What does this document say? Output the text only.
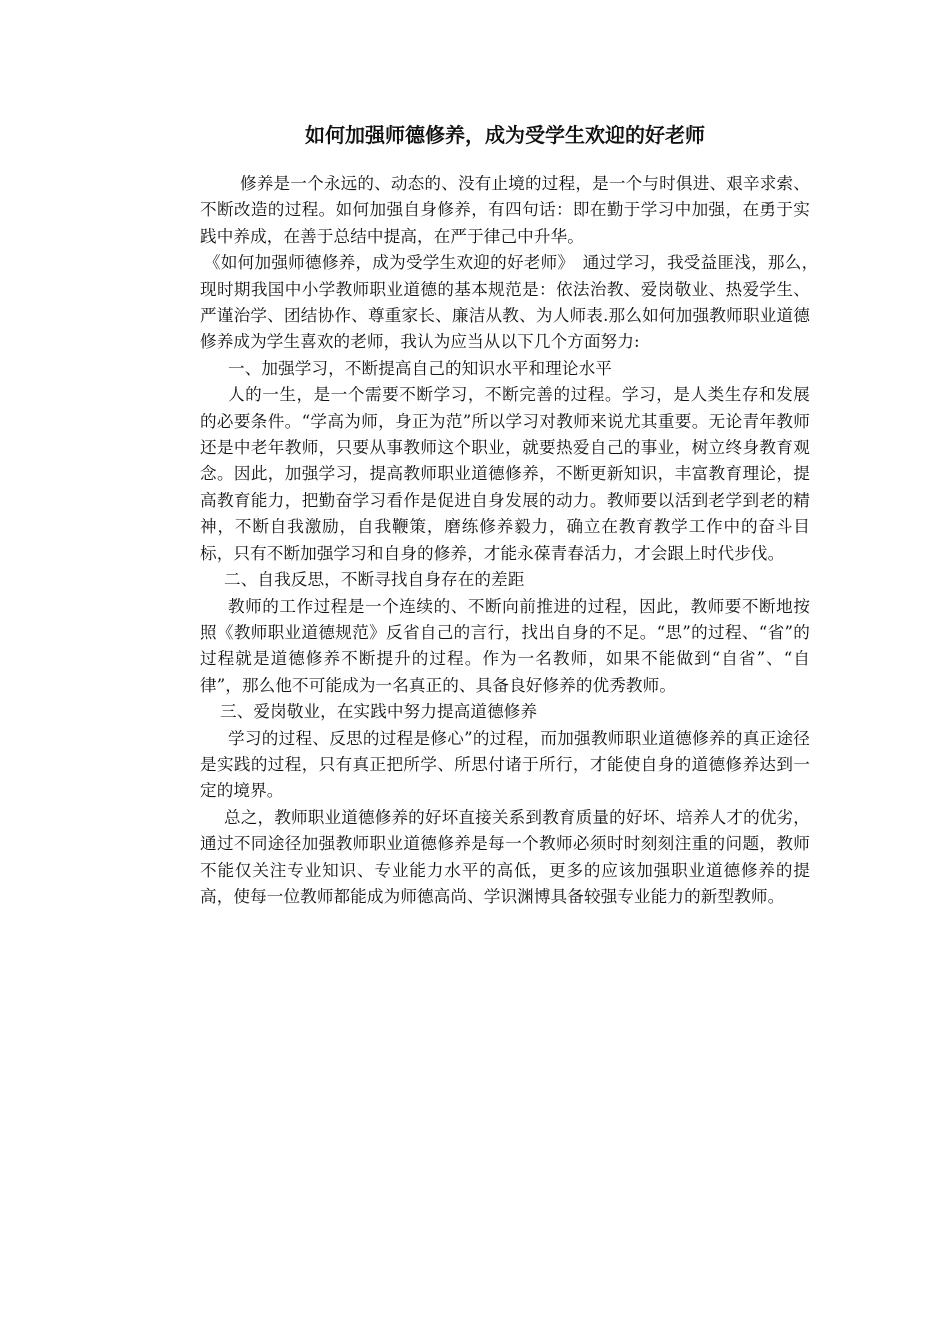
如何加强师德修养，成为受学生欢迎的好老师

修养是一个永远的、动态的、没有止境的过程，是一个与时俱进、艰辛求索、不断改造的过程。如何加强自身修养，有四句话：即在勤于学习中加强，在勇于实践中养成，在善于总结中提高，在严于律己中升华。

《如何加强师德修养，成为受学生欢迎的好老师》　通过学习，我受益匪浅，那么，　现时期我国中小学教师职业道德的基本规范是：依法治教、爱岗敬业、热爱学生、严谨治学、团结协作、尊重家长、廉洁从教、为人师表.那么如何加强教师职业道德修养成为学生喜欢的老师，我认为应当从以下几个方面努力:

一、加强学习，不断提高自己的知识水平和理论水平

人的一生，是一个需要不断学习，不断完善的过程。学习，是人类生存和发展的必要条件。“学高为师，身正为范”所以学习对教师来说尤其重要。无论青年教师还是中老年教师，只要从事教师这个职业，就要热爱自己的事业，树立终身教育观念。因此，加强学习，提高教师职业道德修养，不断更新知识，丰富教育理论，提高教育能力，把勤奋学习看作是促进自身发展的动力。教师要以活到老学到老的精神，不断自我激励，自我鞭策，磨练修养毅力，确立在教育教学工作中的奋斗目标，只有不断加强学习和自身的修养，才能永葆青春活力，才会跟上时代步伐。

二、自我反思，不断寻找自身存在的差距

教师的工作过程是一个连续的、不断向前推进的过程，因此，教师要不断地按照《教师职业道德规范》反省自己的言行，找出自身的不足。“思”的过程、“省”的过程就是道德修养不断提升的过程。作为一名教师，如果不能做到“自省”、“自律”，那么他不可能成为一名真正的、具备良好修养的优秀教师。

三、爱岗敬业，在实践中努力提高道德修养

学习的过程、反思的过程是修心”的过程，而加强教师职业道德修养的真正途径是实践的过程，只有真正把所学、所思付诸于所行，才能使自身的道德修养达到一定的境界。

总之，教师职业道德修养的好坏直接关系到教育质量的好坏、培养人才的优劣，通过不同途径加强教师职业道德修养是每一个教师必须时时刻刻注重的问题，教师不能仅关注专业知识、专业能力水平的高低，更多的应该加强职业道德修养的提高，使每一位教师都能成为师德高尚、学识渊博具备较强专业能力的新型教师。
